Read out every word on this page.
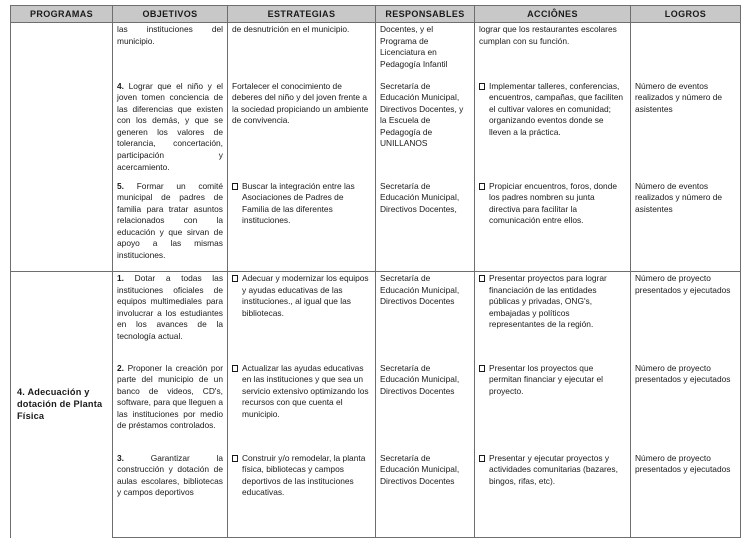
PROGRAMAS	OBJETIVOS	ESTRATEGIAS	RESPONSABLES	ACCIÔNES	LOGROS
	las instituciones del municipio.	de desnutrición en el municipio.	Docentes, y el Programa de Licenciatura en Pedagogía Infantil	lograr que los restaurantes escolares cumplan con su función.	

	4. Lograr que el niño y el joven tomen conciencia de las diferencias que existen con los demás, y que se generen los valores de tolerancia, concertación, participación y acercamiento.	Fortalecer el conocimiento de deberes del niño y del joven frente a la sociedad propiciando un ambiente de convivencia.	Secretaría de Educación Municipal, Directivos Docentes, y la Escuela de Pedagogía de UNILLANOS	Implementar talleres, conferencias, encuentros, campañas, que faciliten el cultivar valores en comunidad; organizando eventos donde se lleven a la práctica.	Número de eventos realizados y número de asistentes

	5. Formar un comité municipal de padres de familia para tratar asuntos relacionados con la educación y que sirvan de apoyo a las mismas instituciones.	Buscar la integración entre las Asociaciones de Padres de Familia de las diferentes instituciones.	Secretaría de Educación Municipal, Directivos Docentes,	Propiciar encuentros, foros, donde los padres nombren su junta directiva para facilitar la comunicación entre ellos.	Número de eventos realizados y número de asistentes

4. Adecuación y dotación de Planta Física	1. Dotar a todas las instituciones oficiales de equipos multimediales para involucrar a los estudiantes en los avances de la tecnología actual.	Adecuar y modernizar los equipos y ayudas educativas de las instituciones., al igual que las bibliotecas.	Secretaría de Educación Municipal, Directivos Docentes	Presentar proyectos para lograr financiación de las entidades públicas y privadas, ONG's, embajadas y políticos representantes de la región.	Número de proyecto presentados y ejecutados

	2. Proponer la creación por parte del municipio de un banco de videos, CD's, software, para que lleguen a las instituciones por medio de préstamos controlados.	Actualizar las ayudas educativas en las instituciones y que sea un servicio extensivo optimizando los recursos con que cuenta el municipio.	Secretaría de Educación Municipal, Directivos Docentes	Presentar los proyectos que permitan financiar y ejecutar el proyecto.	Número de proyecto presentados y ejecutados

	3. Garantizar la construcción y dotación de aulas escolares, bibliotecas y campos deportivos	Construir y/o remodelar, la planta física, bibliotecas y campos deportivos de las instituciones educativas.	Secretaría de Educación Municipal, Directivos Docentes	Presentar y ejecutar proyectos y actividades comunitarias (bazares, bingos, rifas, etc).	Número de proyecto presentados y ejecutados
